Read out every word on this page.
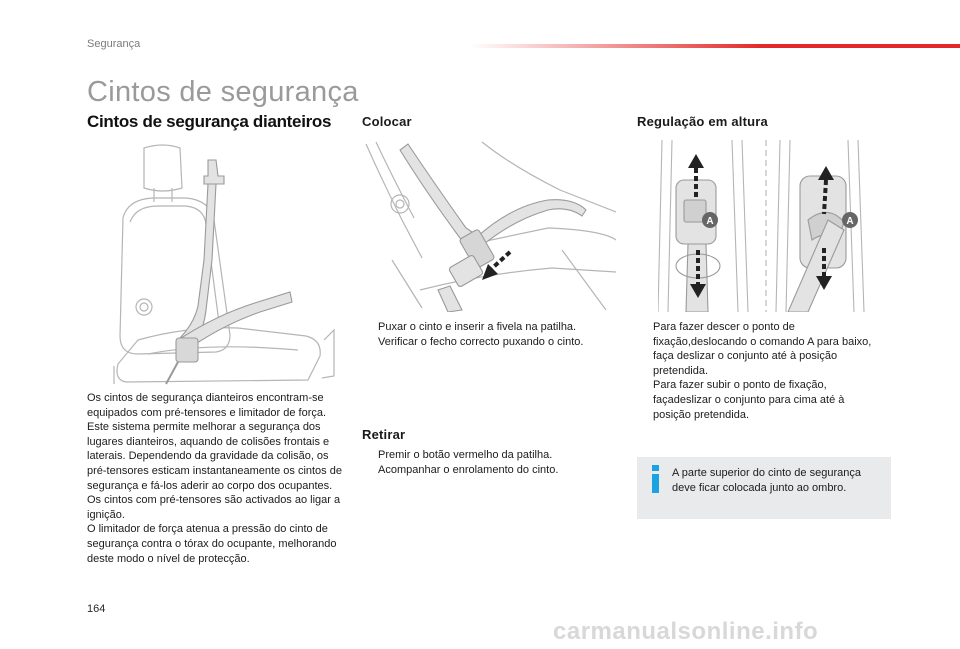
Segurança
Cintos de segurança
Cintos de segurança dianteiros

Os cintos de segurança dianteiros encontram-se equipados com pré-tensores e limitador de força.

Este sistema permite melhorar a segurança dos lugares dianteiros, aquando de colisões frontais e laterais. Dependendo da gravidade da colisão, os pré-tensores esticam instantaneamente os cintos de segurança e fá-los aderir ao corpo dos ocupantes.

Os cintos com pré-tensores são activados ao ligar a ignição.

O limitador de força atenua a pressão do cinto de segurança contra o tórax do ocupante, melhorando deste modo o nível de protecção.

Colocar
Puxar o cinto e inserir a fivela na patilha.
Verificar o fecho correcto puxando o cinto.
Retirar
Premir o botão vermelho da patilha.
Acompanhar o enrolamento do cinto.
Regulação em altura
A	A
Para fazer descer o ponto de fixação,deslocando o comando A para baixo, faça deslizar o conjunto até à posição pretendida.
Para fazer subir o ponto de fixação, façadeslizar o conjunto para cima até à posição pretendida.
A parte superior do cinto de segurança deve ficar colocada junto ao ombro.
164
carmanualsonline.info
